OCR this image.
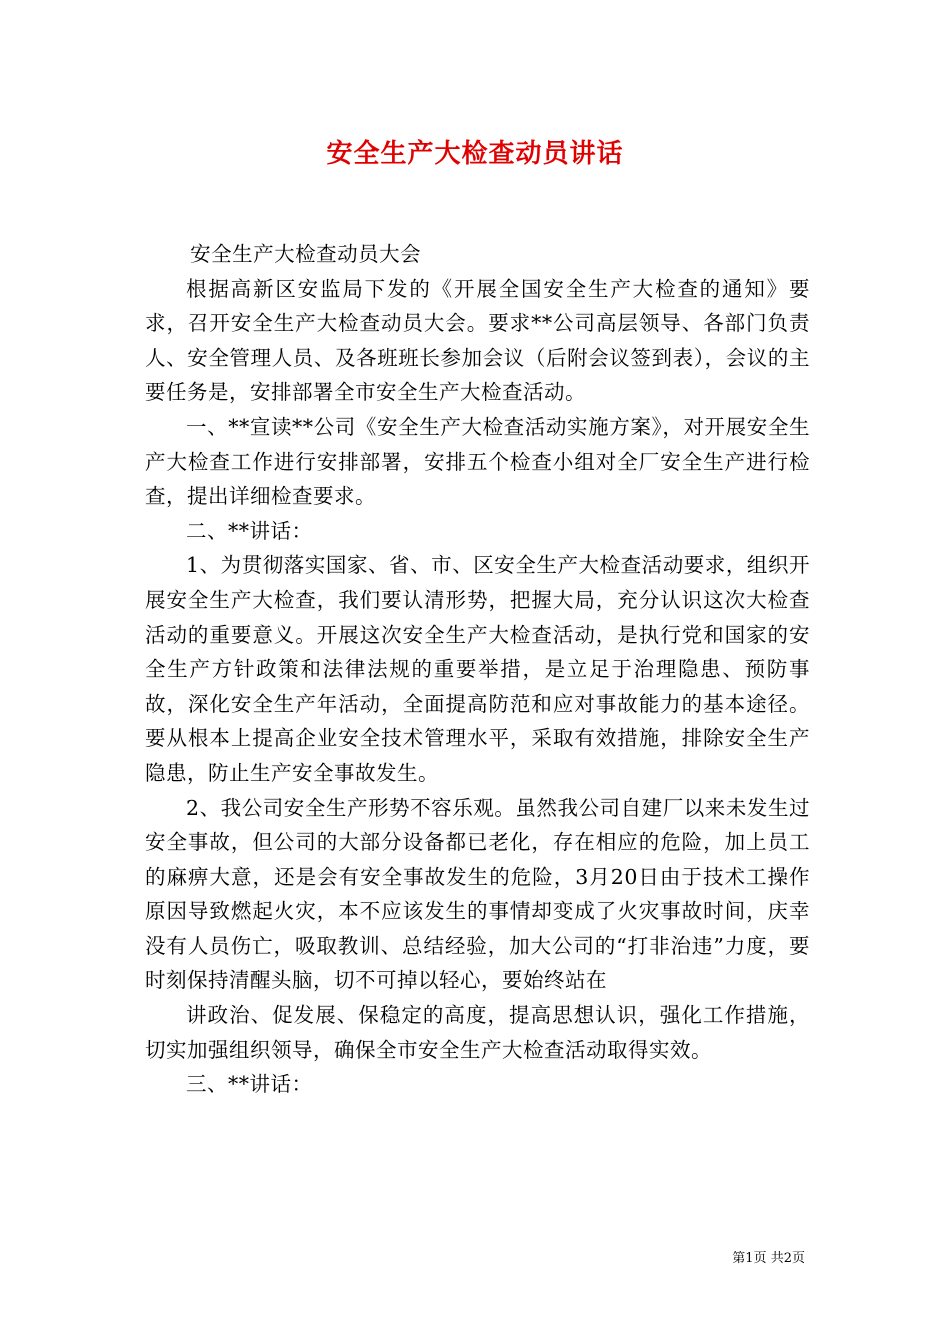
安全生产大检查动员讲话

安全生产大检查动员大会

根据高新区安监局下发的《开展全国安全生产大检查的通知》要求，召开安全生产大检查动员大会。要求**公司高层领导、各部门负责人、安全管理人员、及各班班长参加会议（后附会议签到表），会议的主要任务是，安排部署全市安全生产大检查活动。

一、**宣读**公司《安全生产大检查活动实施方案》，对开展安全生产大检查工作进行安排部署，安排五个检查小组对全厂安全生产进行检查，提出详细检查要求。

二、**讲话：

1、为贯彻落实国家、省、市、区安全生产大检查活动要求，组织开展安全生产大检查，我们要认清形势，把握大局，充分认识这次大检查活动的重要意义。开展这次安全生产大检查活动，是执行党和国家的安全生产方针政策和法律法规的重要举措，是立足于治理隐患、预防事故，深化安全生产年活动，全面提高防范和应对事故能力的基本途径。要从根本上提高企业安全技术管理水平，采取有效措施，排除安全生产隐患，防止生产安全事故发生。

2、我公司安全生产形势不容乐观。虽然我公司自建厂以来未发生过安全事故，但公司的大部分设备都已老化，存在相应的危险，加上员工的麻痹大意，还是会有安全事故发生的危险，3月20日由于技术工操作原因导致燃起火灾，本不应该发生的事情却变成了火灾事故时间，庆幸没有人员伤亡，吸取教训、总结经验，加大公司的“打非治违”力度，要时刻保持清醒头脑，切不可掉以轻心，要始终站在

讲政治、促发展、保稳定的高度，提高思想认识，强化工作措施，切实加强组织领导，确保全市安全生产大检查活动取得实效。

三、**讲话：

第1页 共2页
